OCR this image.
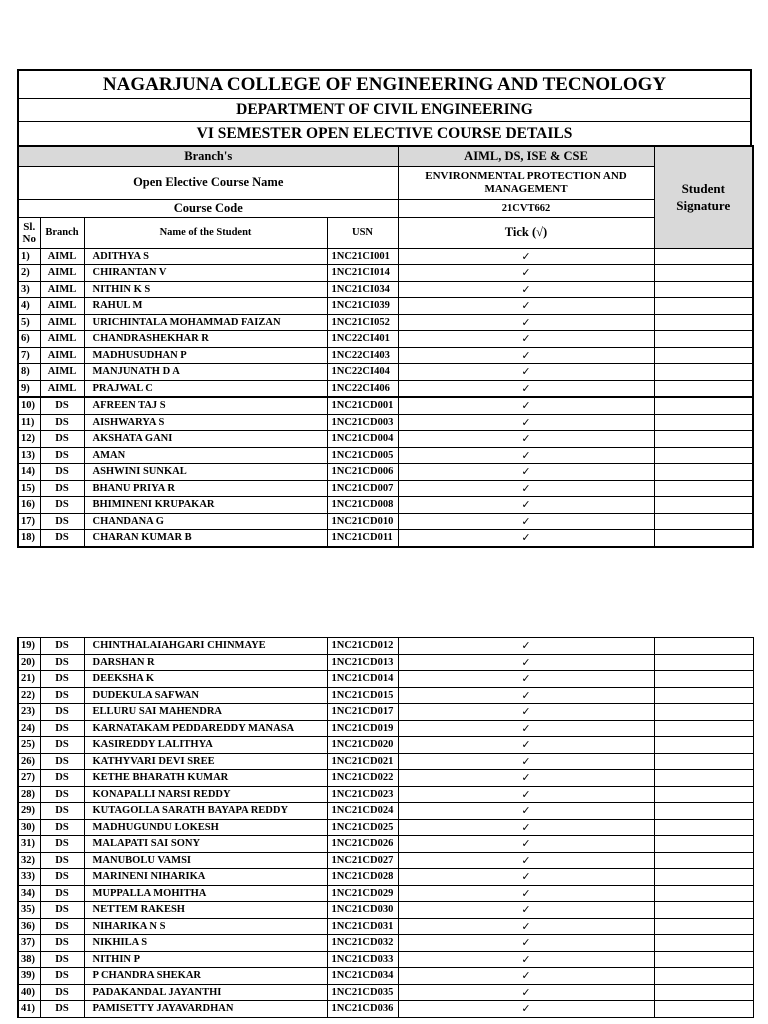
NAGARJUNA COLLEGE OF ENGINEERING AND TECNOLOGY
DEPARTMENT OF CIVIL ENGINEERING
VI SEMESTER OPEN ELECTIVE COURSE DETAILS
Branch's				AIML, DS, ISE & CSE	Student Signature
Open Elective Course Name				ENVIRONMENTAL PROTECTION AND MANAGEMENT	
Course Code				21CVT662	
Sl. No	Branch	Name of the Student	USN	Tick (√)	
1)	AIML	ADITHYA S	1NC21CI001	✓	
2)	AIML	CHIRANTAN V	1NC21CI014	✓	
3)	AIML	NITHIN K S	1NC21CI034	✓	
4)	AIML	RAHUL M	1NC21CI039	✓	
5)	AIML	URICHINTALA MOHAMMAD FAIZAN	1NC21CI052	✓	
6)	AIML	CHANDRASHEKHAR R	1NC22CI401	✓	
7)	AIML	MADHUSUDHAN P	1NC22CI403	✓	
8)	AIML	MANJUNATH D A	1NC22CI404	✓	
9)	AIML	PRAJWAL C	1NC22CI406	✓	
10)	DS	AFREEN TAJ S	1NC21CD001	✓	
11)	DS	AISHWARYA S	1NC21CD003	✓	
12)	DS	AKSHATA GANI	1NC21CD004	✓	
13)	DS	AMAN	1NC21CD005	✓	
14)	DS	ASHWINI SUNKAL	1NC21CD006	✓	
15)	DS	BHANU PRIYA R	1NC21CD007	✓	
16)	DS	BHIMINENI KRUPAKAR	1NC21CD008	✓	
17)	DS	CHANDANA G	1NC21CD010	✓	
18)	DS	CHARAN KUMAR B	1NC21CD011	✓	
19)	DS	CHINTHALAIAHGARI CHINMAYE	1NC21CD012	✓	
20)	DS	DARSHAN R	1NC21CD013	✓	
21)	DS	DEEKSHA K	1NC21CD014	✓	
22)	DS	DUDEKULA SAFWAN	1NC21CD015	✓	
23)	DS	ELLURU SAI MAHENDRA	1NC21CD017	✓	
24)	DS	KARNATAKAM PEDDAREDDY MANASA	1NC21CD019	✓	
25)	DS	KASIREDDY LALITHYA	1NC21CD020	✓	
26)	DS	KATHYVARI DEVI SREE	1NC21CD021	✓	
27)	DS	KETHE BHARATH KUMAR	1NC21CD022	✓	
28)	DS	KONAPALLI NARSI REDDY	1NC21CD023	✓	
29)	DS	KUTAGOLLA SARATH BAYAPA REDDY	1NC21CD024	✓	
30)	DS	MADHUGUNDU LOKESH	1NC21CD025	✓	
31)	DS	MALAPATI SAI SONY	1NC21CD026	✓	
32)	DS	MANUBOLU VAMSI	1NC21CD027	✓	
33)	DS	MARINENI NIHARIKA	1NC21CD028	✓	
34)	DS	MUPPALLA MOHITHA	1NC21CD029	✓	
35)	DS	NETTEM RAKESH	1NC21CD030	✓	
36)	DS	NIHARIKA N S	1NC21CD031	✓	
37)	DS	NIKHILA S	1NC21CD032	✓	
38)	DS	NITHIN P	1NC21CD033	✓	
39)	DS	P CHANDRA SHEKAR	1NC21CD034	✓	
40)	DS	PADAKANDAL JAYANTHI	1NC21CD035	✓	
41)	DS	PAMISETTY JAYAVARDHAN	1NC21CD036	✓	
